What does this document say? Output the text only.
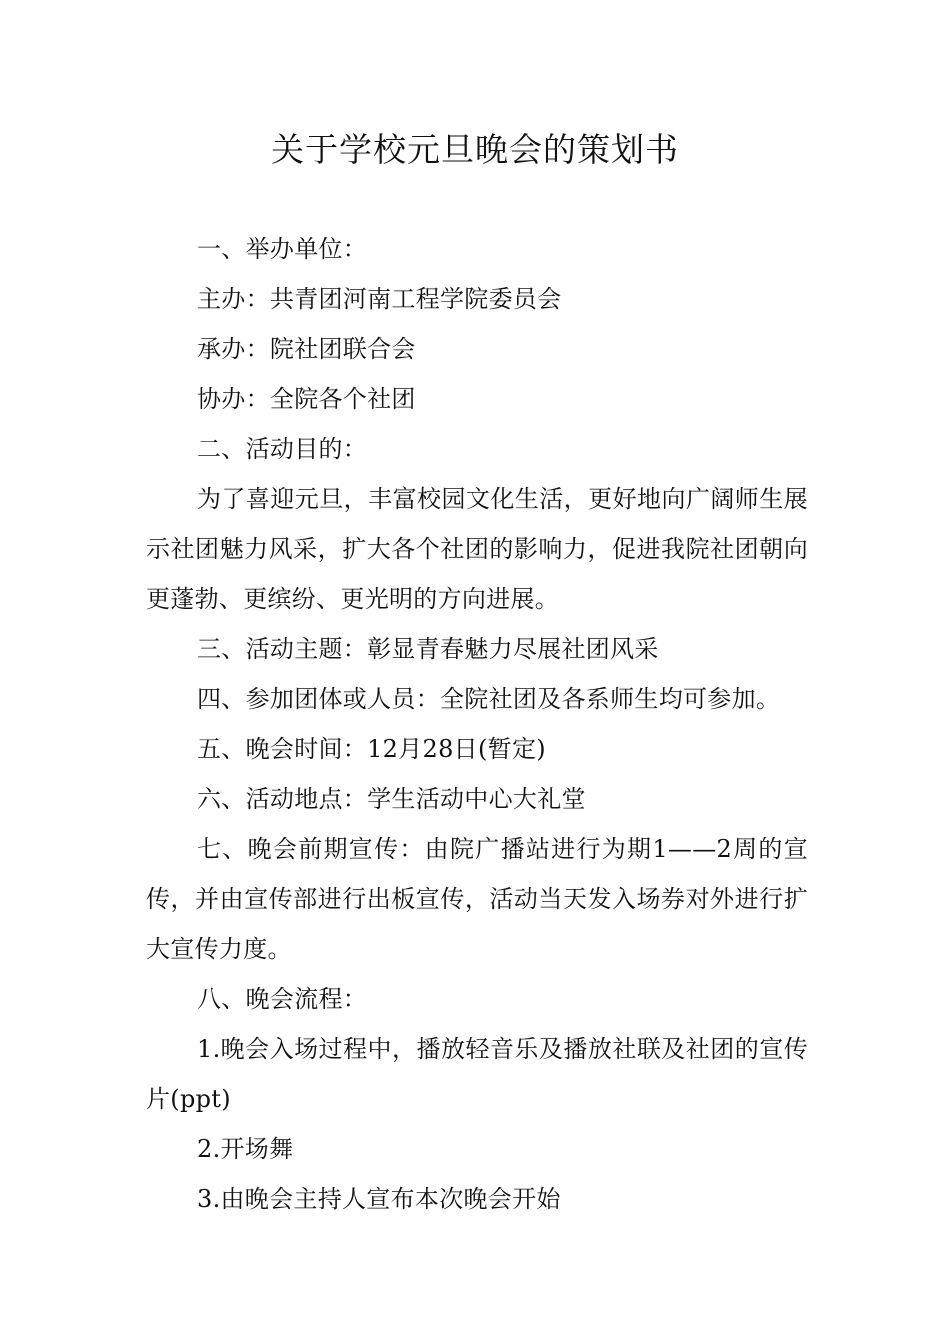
关于学校元旦晚会的策划书

一、举办单位：

主办：共青团河南工程学院委员会

承办：院社团联合会

协办：全院各个社团

二、活动目的：

为了喜迎元旦，丰富校园文化生活，更好地向广阔师生展示社团魅力风采，扩大各个社团的影响力，促进我院社团朝向更蓬勃、更缤纷、更光明的方向进展。

三、活动主题：彰显青春魅力尽展社团风采

四、参加团体或人员：全院社团及各系师生均可参加。

五、晚会时间：12月28日(暂定)

六、活动地点：学生活动中心大礼堂

七、晚会前期宣传：由院广播站进行为期1——2周的宣传，并由宣传部进行出板宣传，活动当天发入场券对外进行扩大宣传力度。

八、晚会流程：

1.晚会入场过程中，播放轻音乐及播放社联及社团的宣传片(ppt)

2.开场舞

3.由晚会主持人宣布本次晚会开始
